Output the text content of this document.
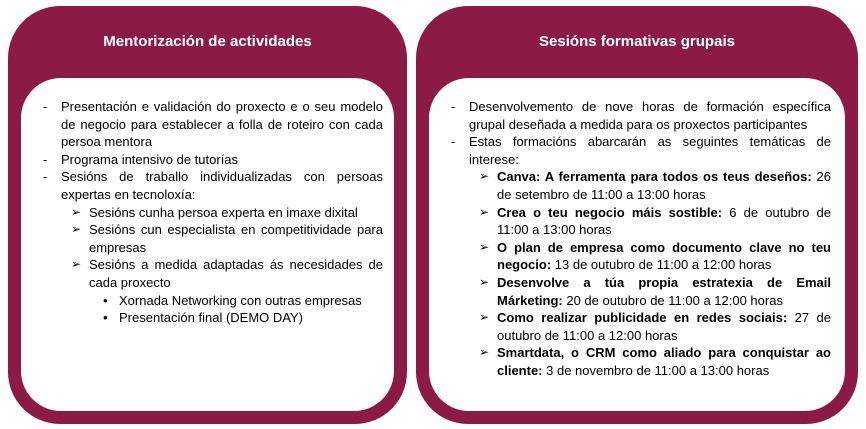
Mentorización de actividades
- Presentación e validación do proxecto e o seu modelo de negocio para establecer a folla de roteiro con cada persoa mentora
- Programa intensivo de tutorías
- Sesións de traballo individualizadas con persoas expertas en tecnoloxía:
➢ Sesións cunha persoa experta en imaxe dixital
➢ Sesións cun especialista en competitividade para empresas
➢ Sesións a medida adaptadas ás necesidades de cada proxecto
• Xornada Networking con outras empresas
• Presentación final (DEMO DAY)
Sesións formativas grupais
- Desenvolvemento de nove horas de formación específica grupal deseñada a medida para os proxectos participantes
- Estas formacións abarcarán as seguintes temáticas de interese:
➢ Canva: A ferramenta para todos os teus deseños: 26 de setembro de 11:00 a 13:00 horas
➢ Crea o teu negocio máis sostible: 6 de outubro de 11:00 a 13:00 horas
➢ O plan de empresa como documento clave no teu negocio: 13 de outubro de 11:00 a 12:00 horas
➢ Desenvolve a túa propia estratexia de Email Márketing: 20 de outubro de 11:00 a 12:00 horas
➢ Como realizar publicidade en redes sociais: 27 de outubro de 11:00 a 12:00 horas
➢ Smartdata, o CRM como aliado para conquistar ao cliente: 3 de novembro de 11:00 a 13:00 horas
